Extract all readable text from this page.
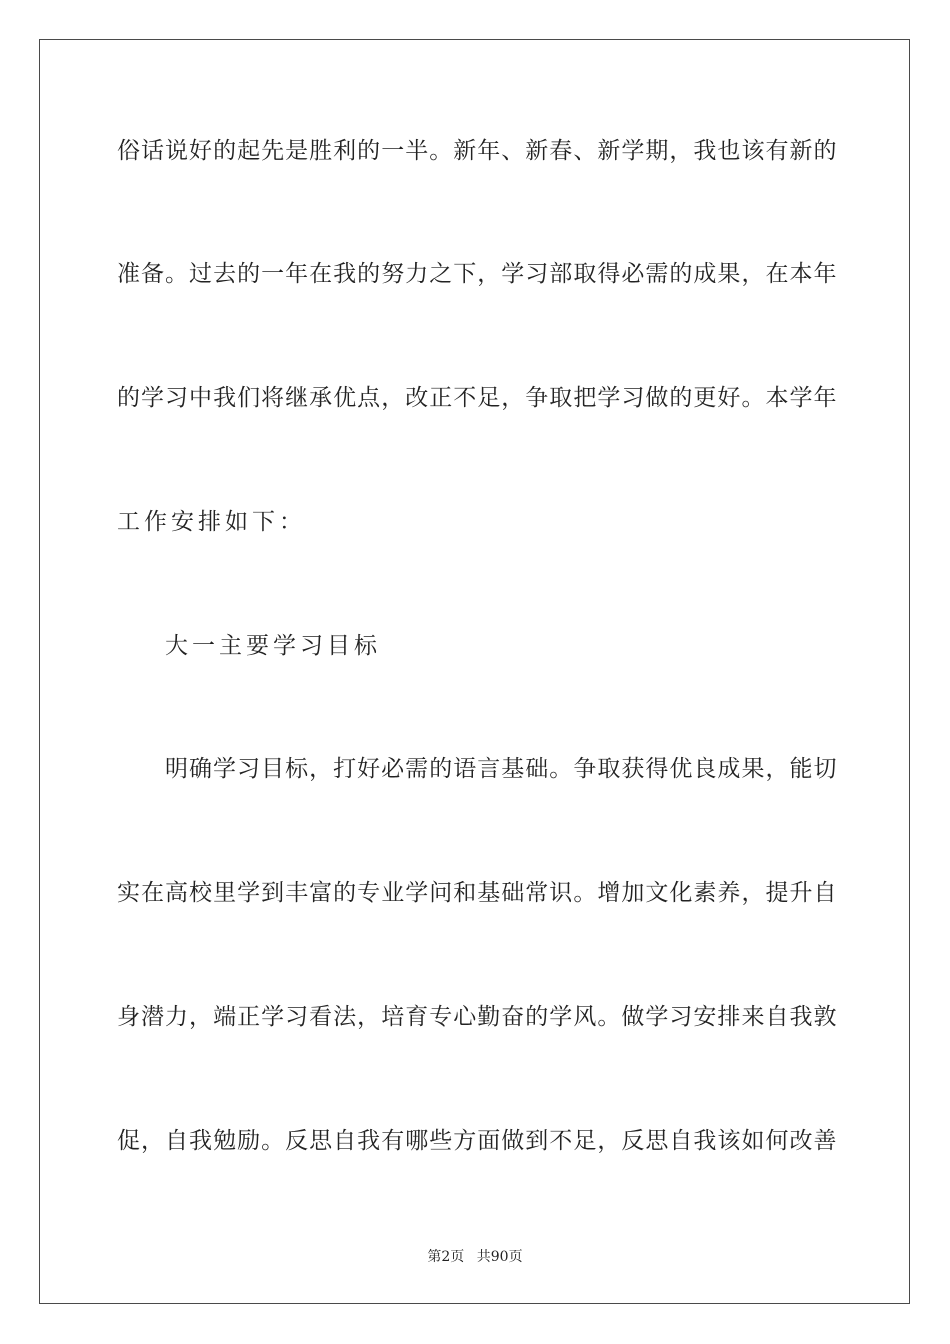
俗话说好的起先是胜利的一半。新年、新春、新学期，我也该有新的
准备。过去的一年在我的努力之下，学习部取得必需的成果，在本年
的学习中我们将继承优点，改正不足，争取把学习做的更好。本学年
工作安排如下：
大一主要学习目标
明确学习目标，打好必需的语言基础。争取获得优良成果，能切
实在高校里学到丰富的专业学问和基础常识。增加文化素养，提升自
身潜力，端正学习看法，培育专心勤奋的学风。做学习安排来自我敦
促，自我勉励。反思自我有哪些方面做到不足，反思自我该如何改善
第2页 共90页
